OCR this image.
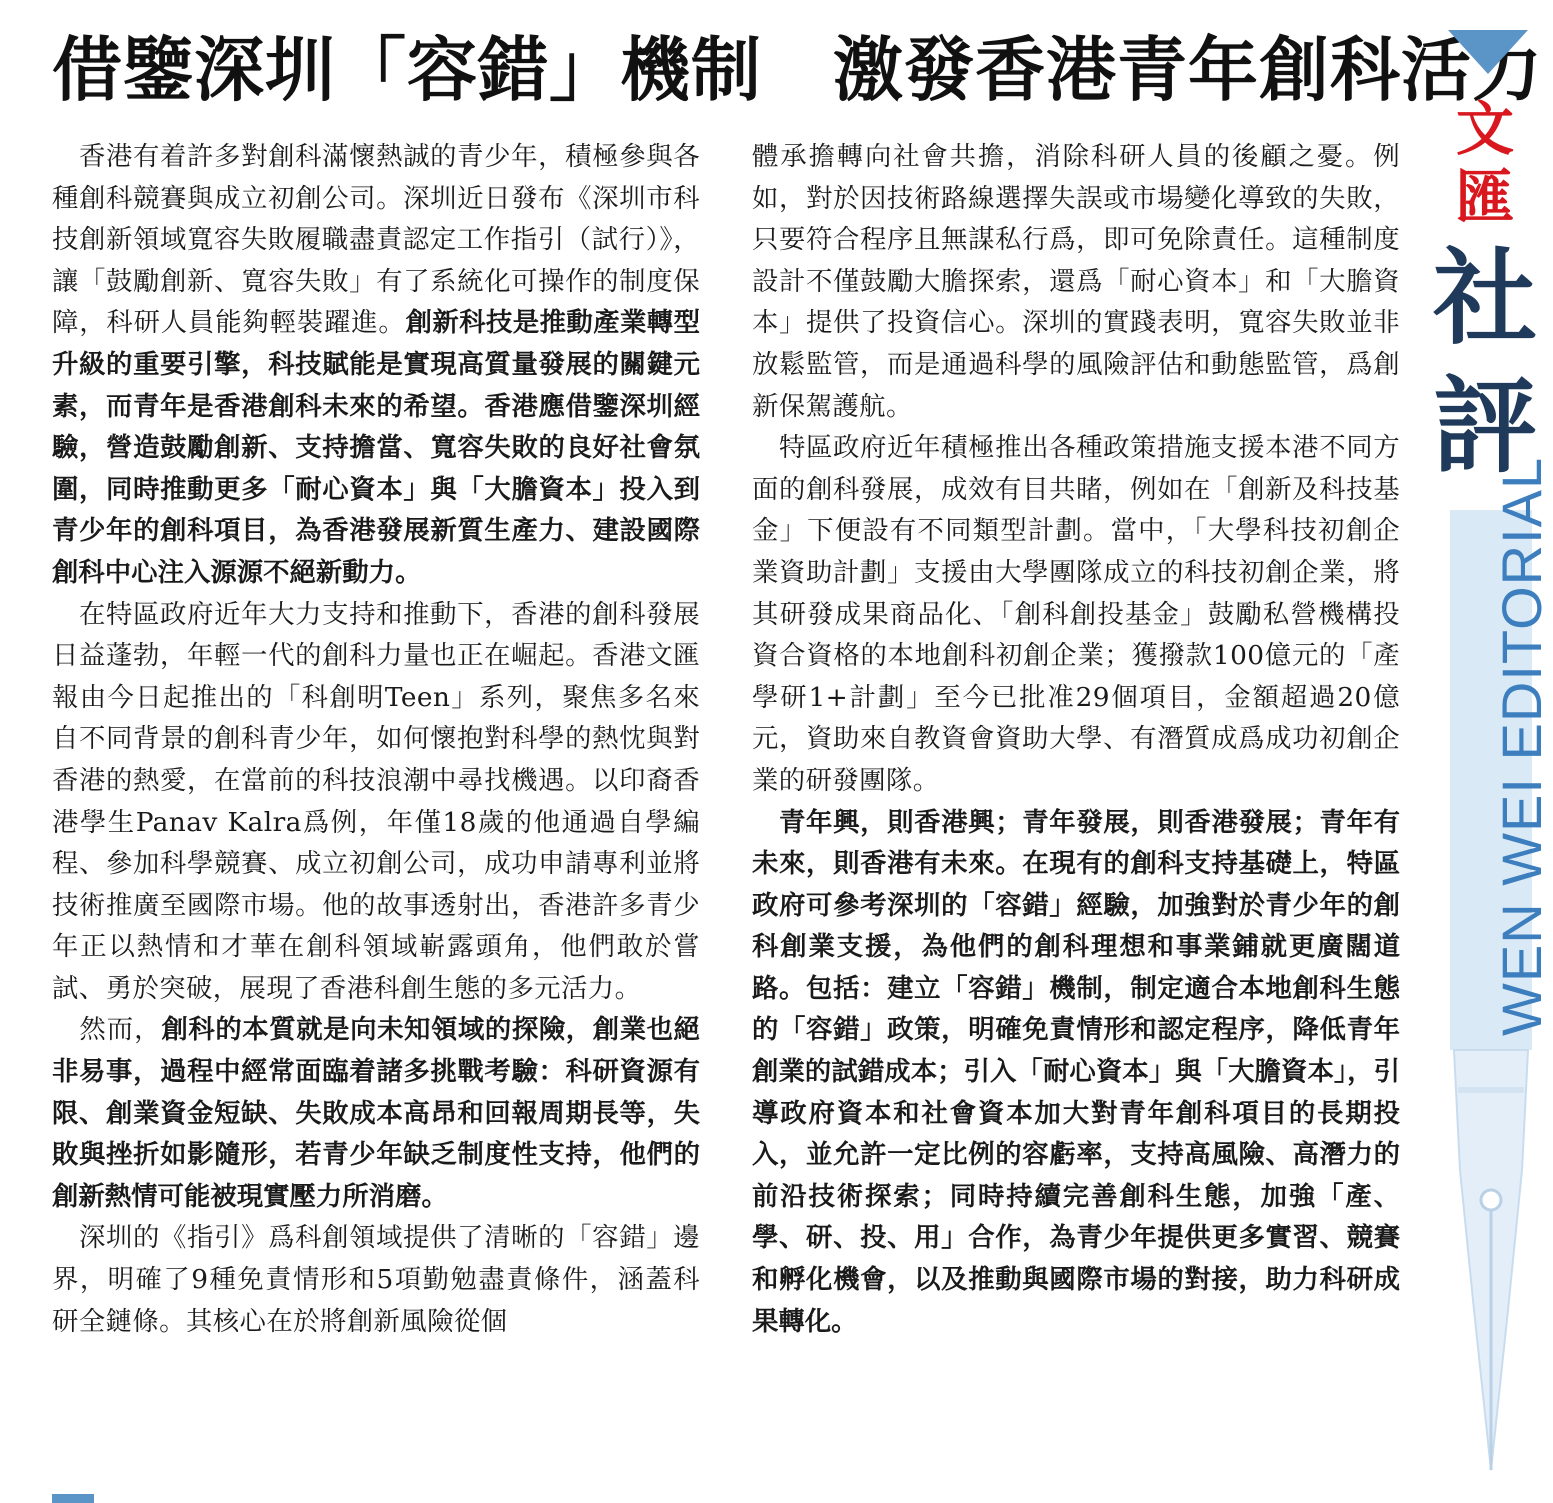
借鑒深圳「容錯」機制　激發香港青年創科活力

　香港有着許多對創科滿懷熱誠的青少年，積極參與各種創科競賽與成立初創公司。深圳近日發布《深圳市科技創新領域寬容失敗履職盡責認定工作指引（試行）》，讓「鼓勵創新、寬容失敗」有了系統化可操作的制度保障，科研人員能夠輕裝躍進。創新科技是推動產業轉型升級的重要引擎，科技賦能是實現高質量發展的關鍵元素，而青年是香港創科未來的希望。香港應借鑒深圳經驗，營造鼓勵創新、支持擔當、寬容失敗的良好社會氛圍，同時推動更多「耐心資本」與「大膽資本」投入到青少年的創科項目，為香港發展新質生產力、建設國際創科中心注入源源不絕新動力。

　在特區政府近年大力支持和推動下，香港的創科發展日益蓬勃，年輕一代的創科力量也正在崛起。香港文匯報由今日起推出的「科創明Teen」系列，聚焦多名來自不同背景的創科青少年，如何懷抱對科學的熱忱與對香港的熱愛，在當前的科技浪潮中尋找機遇。以印裔香港學生Panav Kalra爲例，年僅18歲的他通過自學編程、參加科學競賽、成立初創公司，成功申請專利並將技術推廣至國際市場。他的故事透射出，香港許多青少年正以熱情和才華在創科領域嶄露頭角，他們敢於嘗試、勇於突破，展現了香港科創生態的多元活力。

　然而，創科的本質就是向未知領域的探險，創業也絕非易事，過程中經常面臨着諸多挑戰考驗：科研資源有限、創業資金短缺、失敗成本高昂和回報周期長等，失敗與挫折如影隨形，若青少年缺乏制度性支持，他們的創新熱情可能被現實壓力所消磨。

　深圳的《指引》爲科創領域提供了清晰的「容錯」邊界，明確了9種免責情形和5項勤勉盡責條件，涵蓋科研全鏈條。其核心在於將創新風險從個

體承擔轉向社會共擔，消除科研人員的後顧之憂。例如，對於因技術路線選擇失誤或市場變化導致的失敗，只要符合程序且無謀私行爲，即可免除責任。這種制度設計不僅鼓勵大膽探索，還爲「耐心資本」和「大膽資本」提供了投資信心。深圳的實踐表明，寬容失敗並非放鬆監管，而是通過科學的風險評估和動態監管，爲創新保駕護航。

　特區政府近年積極推出各種政策措施支援本港不同方面的創科發展，成效有目共睹，例如在「創新及科技基金」下便設有不同類型計劃。當中，「大學科技初創企業資助計劃」支援由大學團隊成立的科技初創企業，將其研發成果商品化、「創科創投基金」鼓勵私營機構投資合資格的本地創科初創企業；獲撥款100億元的「產學研1+計劃」至今已批准29個項目，金額超過20億元，資助來自教資會資助大學、有潛質成爲成功初創企業的研發團隊。

　青年興，則香港興；青年發展，則香港發展；青年有未來，則香港有未來。在現有的創科支持基礎上，特區政府可參考深圳的「容錯」經驗，加強對於青少年的創科創業支援，為他們的創科理想和事業鋪就更廣闊道路。包括：建立「容錯」機制，制定適合本地創科生態的「容錯」政策，明確免責情形和認定程序，降低青年創業的試錯成本；引入「耐心資本」與「大膽資本」，引導政府資本和社會資本加大對青年創科項目的長期投入，並允許一定比例的容虧率，支持高風險、高潛力的前沿技術探索；同時持續完善創科生態，加強「產、學、研、投、用」合作，為青少年提供更多實習、競賽和孵化機會，以及推動與國際市場的對接，助力科研成果轉化。

文
匯
社
評
WEN WEI EDITORIAL
